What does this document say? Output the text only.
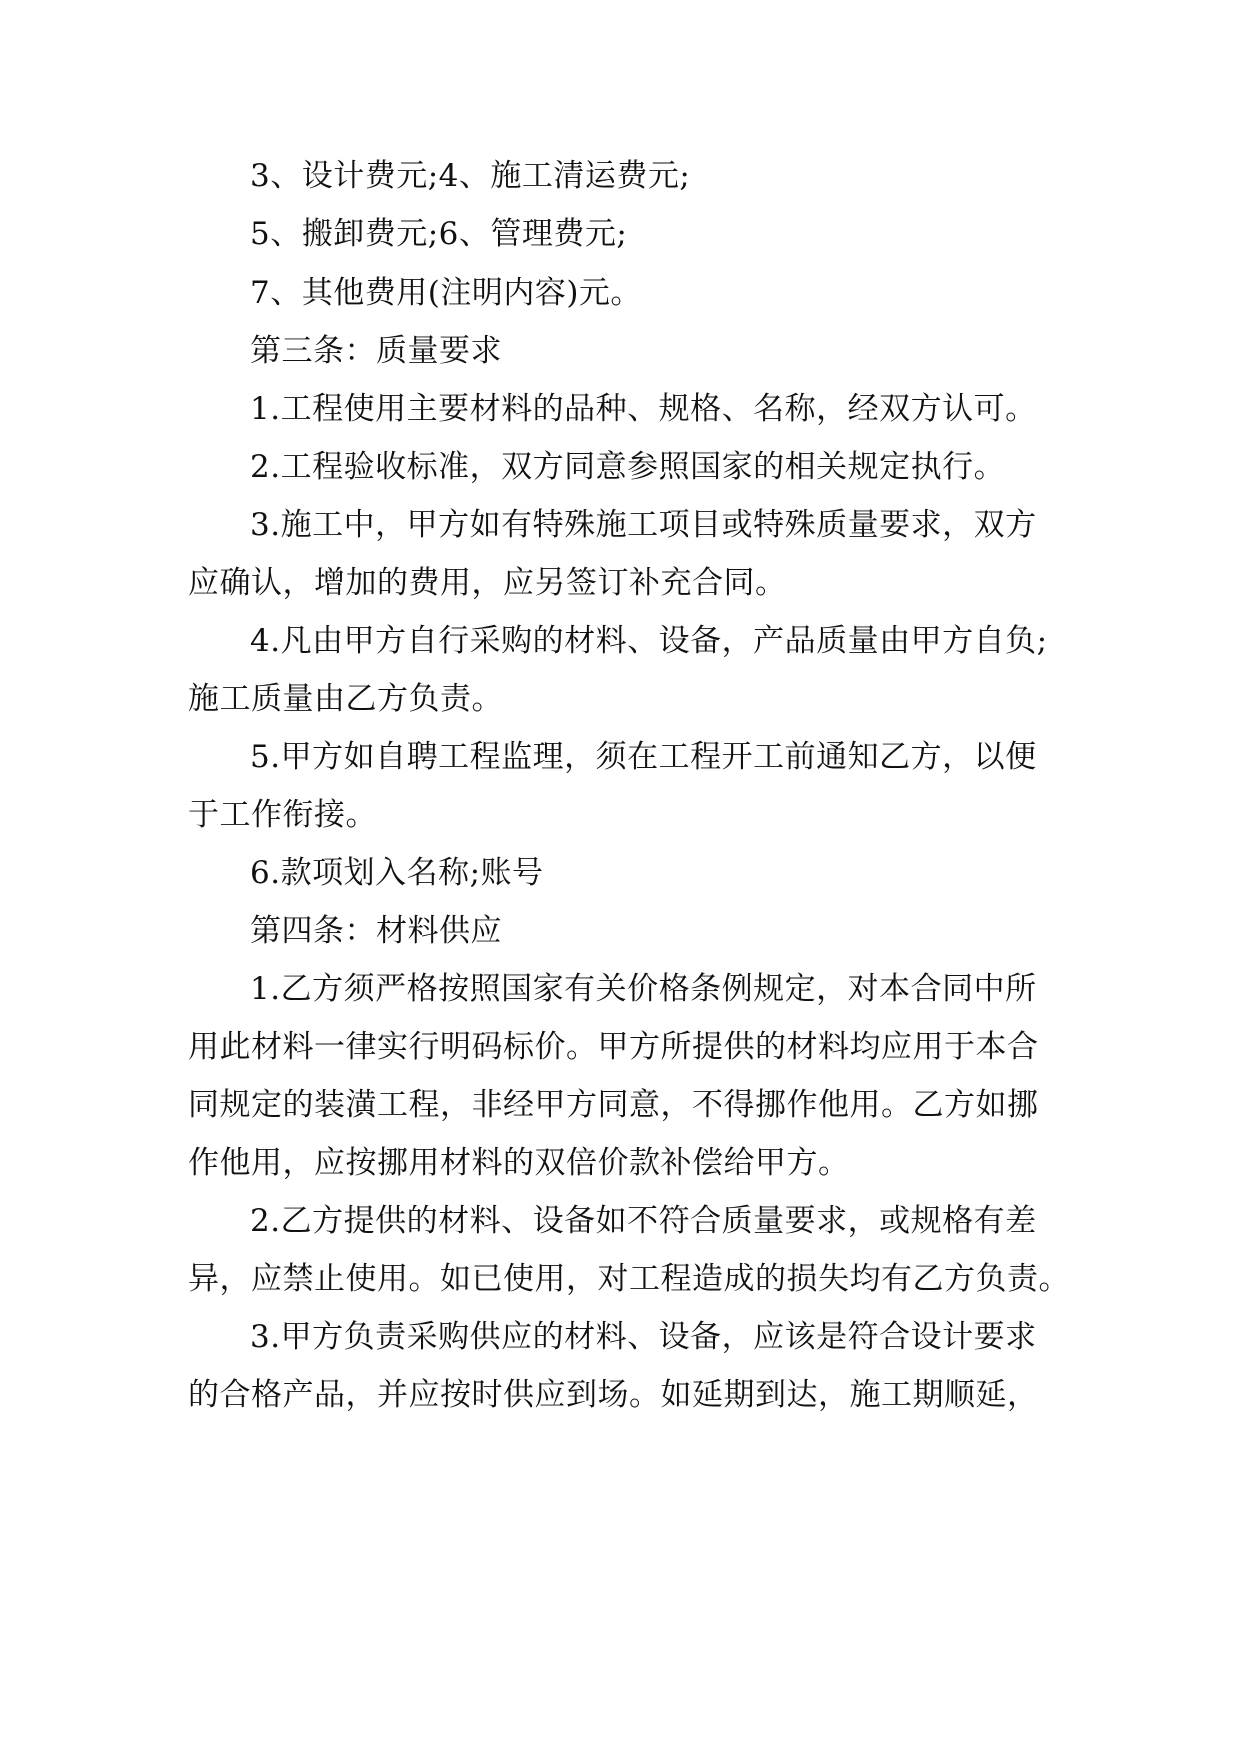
3、设计费元;4、施工清运费元;
5、搬卸费元;6、管理费元;
7、其他费用(注明内容)元。
第三条：质量要求
1.工程使用主要材料的品种、规格、名称，经双方认可。
2.工程验收标准，双方同意参照国家的相关规定执行。
3.施工中，甲方如有特殊施工项目或特殊质量要求，双方
应确认，增加的费用，应另签订补充合同。
4.凡由甲方自行采购的材料、设备，产品质量由甲方自负;
施工质量由乙方负责。
5.甲方如自聘工程监理，须在工程开工前通知乙方，以便
于工作衔接。
6.款项划入名称;账号
第四条：材料供应
1.乙方须严格按照国家有关价格条例规定，对本合同中所
用此材料一律实行明码标价。甲方所提供的材料均应用于本合
同规定的装潢工程，非经甲方同意，不得挪作他用。乙方如挪
作他用，应按挪用材料的双倍价款补偿给甲方。
2.乙方提供的材料、设备如不符合质量要求，或规格有差
异，应禁止使用。如已使用，对工程造成的损失均有乙方负责。
3.甲方负责采购供应的材料、设备，应该是符合设计要求
的合格产品，并应按时供应到场。如延期到达，施工期顺延，
